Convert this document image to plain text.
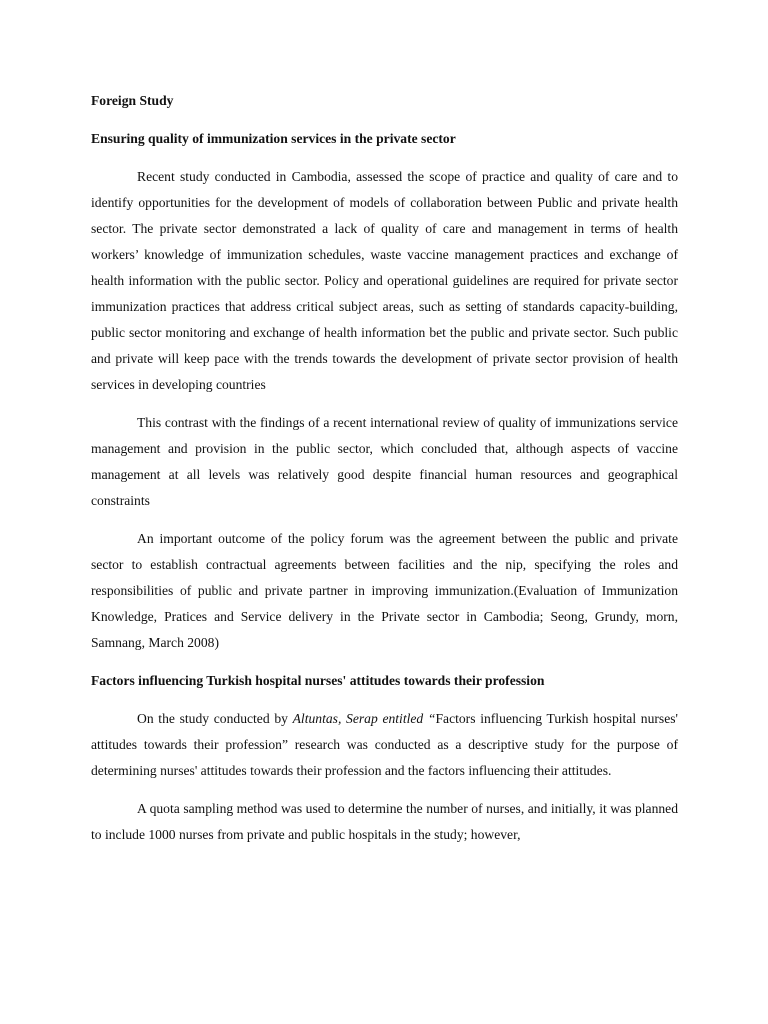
Foreign Study
Ensuring quality of immunization services in the private sector

Recent study conducted in Cambodia, assessed the scope of practice and quality of care and to identify opportunities for the development of models of collaboration between Public and private health sector. The private sector demonstrated a lack of quality of care and management in terms of health workers’ knowledge of immunization schedules, waste vaccine management practices and exchange of health information with the public sector. Policy and operational guidelines are required for private sector immunization practices that address critical subject areas, such as setting of standards capacity-building, public sector monitoring and exchange of health information bet the public and private sector. Such public and private will keep pace with the trends towards the development of private sector provision of health services in developing countries

This contrast with the findings of a recent international review of quality of immunizations service management and provision in the public sector, which concluded that, although aspects of vaccine management at all levels was relatively good despite financial human resources and geographical constraints

An important outcome of the policy forum was the agreement between the public and private sector to establish contractual agreements between facilities and the nip, specifying the roles and responsibilities of public and private partner in improving immunization.(Evaluation of Immunization Knowledge, Pratices and Service delivery in the Private sector in Cambodia; Seong, Grundy, morn, Samnang, March 2008)

Factors influencing Turkish hospital nurses' attitudes towards their profession

On the study conducted by Altuntas, Serap entitled “Factors influencing Turkish hospital nurses' attitudes towards their profession” research was conducted as a descriptive study for the purpose of determining nurses' attitudes towards their profession and the factors influencing their attitudes.

A quota sampling method was used to determine the number of nurses, and initially, it was planned to include 1000 nurses from private and public hospitals in the study; however,
